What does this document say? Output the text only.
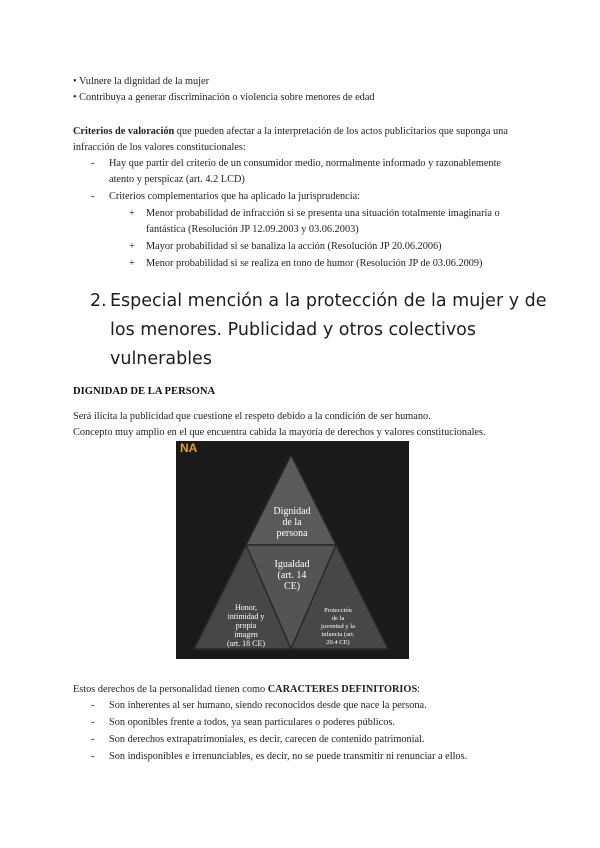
• Vulnere la dignidad de la mujer
• Contribuya a generar discriminación o violencia sobre menores de edad
Criterios de valoración que pueden afectar a la interpretación de los actos publicitarios que suponga una
infracción de los valores constitucionales:
- Hay que partir del criterio de un consumidor medio, normalmente informado y razonablemente
atento y perspicaz (art. 4.2 LCD)
- Criterios complementarios que ha aplicado la jurisprudencia:
+ Menor probabilidad de infracción si se presenta una situación totalmente imaginaria o
fantástica (Resolución JP 12.09.2003 y 03.06.2003)
+ Mayor probabilidad si se banaliza la acción (Resolución JP 20.06.2006)
+ Menor probabilidad si se realiza en tono de humor (Resolución JP de 03.06.2009)
2. Especial mención a la protección de la mujer y de
los menores. Publicidad y otros colectivos
vulnerables
DIGNIDAD DE LA PERSONA
Será ilícita la publicidad que cuestione el respeto debido a la condición de ser humano.
Concepto muy amplio en el que encuentra cabida la mayoría de derechos y valores constitucionales.
Dignidad
de la
persona
Igualdad
(art. 14
CE)
Honor,
intimidad y
propia
imagen
(art. 18 CE)
Protección
de la
juventud y la
infancia (art.
20.4 CE)
NA
Estos derechos de la personalidad tienen como CARACTERES DEFINITORIOS:
- Son inherentes al ser humano, siendo reconocidos desde que nace la persona.
- Son oponibles frente a todos, ya sean particulares o poderes públicos.
- Son derechos extrapatrimoniales, es decir, carecen de contenido patrimonial.
- Son indisponibles e irrenunciables, es decir, no se puede transmitir ni renunciar a ellos.
